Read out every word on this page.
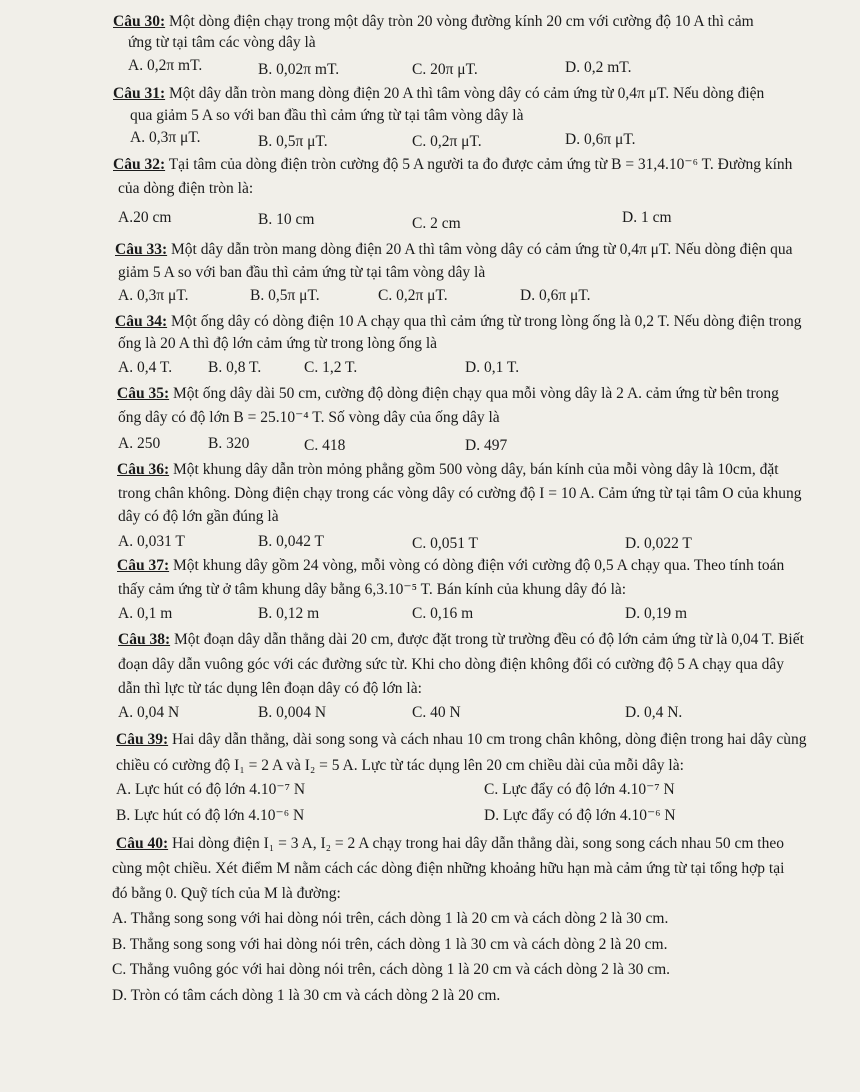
Câu 30: Một dòng điện chạy trong một dây tròn 20 vòng đường kính 20 cm với cường độ 10 A thì cảm
ứng từ tại tâm các vòng dây là
A. 0,2π mT.	B. 0,02π mT.	C. 20π μT.	D. 0,2 mT.
Câu 31: Một dây dẫn tròn mang dòng điện 20 A thì tâm vòng dây có cảm ứng từ 0,4π μT. Nếu dòng điện
qua giảm 5 A so với ban đầu thì cảm ứng từ tại tâm vòng dây là
A. 0,3π μT.	B. 0,5π μT.	C. 0,2π μT.	D. 0,6π μT.
Câu 32: Tại tâm của dòng điện tròn cường độ 5 A người ta đo được cảm ứng từ B = 31,4.10⁻⁶ T. Đường kính
của dòng điện tròn là:
A.20 cm	B. 10 cm	C. 2 cm	D. 1 cm
Câu 33: Một dây dẫn tròn mang dòng điện 20 A thì tâm vòng dây có cảm ứng từ 0,4π μT. Nếu dòng điện qua
giảm 5 A so với ban đầu thì cảm ứng từ tại tâm vòng dây là
A. 0,3π μT.	B. 0,5π μT.	C. 0,2π μT.	D. 0,6π μT.
Câu 34: Một ống dây có dòng điện 10 A chạy qua thì cảm ứng từ trong lòng ống là 0,2 T. Nếu dòng điện trong
ống là 20 A thì độ lớn cảm ứng từ trong lòng ống là
A. 0,4 T. B. 0,8 T.	C. 1,2 T.	D. 0,1 T.
Câu 35: Một ống dây dài 50 cm, cường độ dòng điện chạy qua mỗi vòng dây là 2 A. cảm ứng từ bên trong
ống dây có độ lớn B = 25.10⁻⁴ T. Số vòng dây của ống dây là
A. 250	B. 320	C. 418	D. 497
Câu 36: Một khung dây dẫn tròn mỏng phẳng gồm 500 vòng dây, bán kính của mỗi vòng dây là 10cm, đặt
trong chân không. Dòng điện chạy trong các vòng dây có cường độ I = 10 A. Cảm ứng từ tại tâm O của khung
dây có độ lớn gần đúng là
A. 0,031 T	B. 0,042 T	C. 0,051 T	D. 0,022 T
Câu 37: Một khung dây gồm 24 vòng, mỗi vòng có dòng điện với cường độ 0,5 A chạy qua. Theo tính toán
thấy cảm ứng từ ở tâm khung dây bằng 6,3.10⁻⁵ T. Bán kính của khung dây đó là:
A. 0,1 m	B. 0,12 m	C. 0,16 m	D. 0,19 m
Câu 38: Một đoạn dây dẫn thẳng dài 20 cm, được đặt trong từ trường đều có độ lớn cảm ứng từ là 0,04 T. Biết
đoạn dây dẫn vuông góc với các đường sức từ. Khi cho dòng điện không đổi có cường độ 5 A chạy qua dây
dẫn thì lực từ tác dụng lên đoạn dây có độ lớn là:
A. 0,04 N	B. 0,004 N	C. 40 N	D. 0,4 N.
Câu 39: Hai dây dẫn thẳng, dài song song và cách nhau 10 cm trong chân không, dòng điện trong hai dây cùng
chiều có cường độ I₁ = 2 A và I₂ = 5 A. Lực từ tác dụng lên 20 cm chiều dài của mỗi dây là:
A. Lực hút có độ lớn 4.10⁻⁷ N	C. Lực đẩy có độ lớn 4.10⁻⁷ N
B. Lực hút có độ lớn 4.10⁻⁶ N	D. Lực đẩy có độ lớn 4.10⁻⁶ N
Câu 40: Hai dòng điện I₁ = 3 A, I₂ = 2 A chạy trong hai dây dẫn thẳng dài, song song cách nhau 50 cm theo
cùng một chiều. Xét điểm M nằm cách các dòng điện những khoảng hữu hạn mà cảm ứng từ tại tổng hợp tại
đó bằng 0. Quỹ tích của M là đường:
A. Thẳng song song với hai dòng nói trên, cách dòng 1 là 20 cm và cách dòng 2 là 30 cm.
B. Thẳng song song với hai dòng nói trên, cách dòng 1 là 30 cm và cách dòng 2 là 20 cm.
C. Thẳng vuông góc với hai dòng nói trên, cách dòng 1 là 20 cm và cách dòng 2 là 30 cm.
D. Tròn có tâm cách dòng 1 là 30 cm và cách dòng 2 là 20 cm.
